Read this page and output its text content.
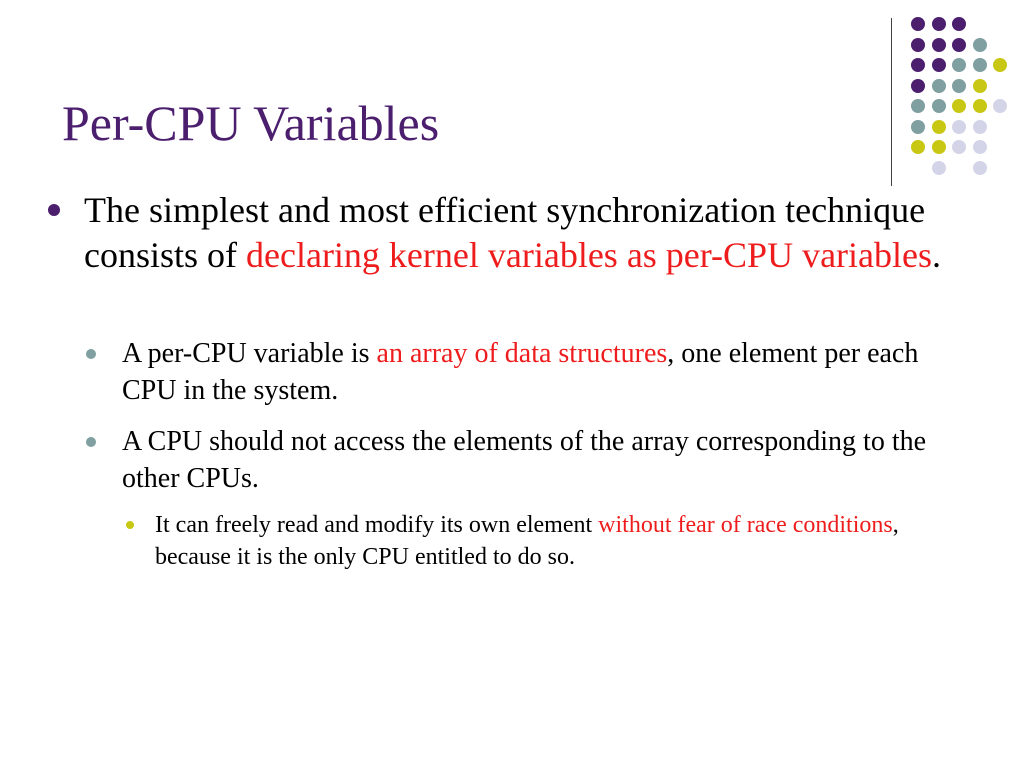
Per-CPU Variables
The simplest and most efficient synchronization technique consists of declaring kernel variables as per-CPU variables.
A per-CPU variable is an array of data structures, one element per each CPU in the system.
A CPU should not access the elements of the array corresponding to the other CPUs.
It can freely read and modify its own element without fear of race conditions, because it is the only CPU entitled to do so.
